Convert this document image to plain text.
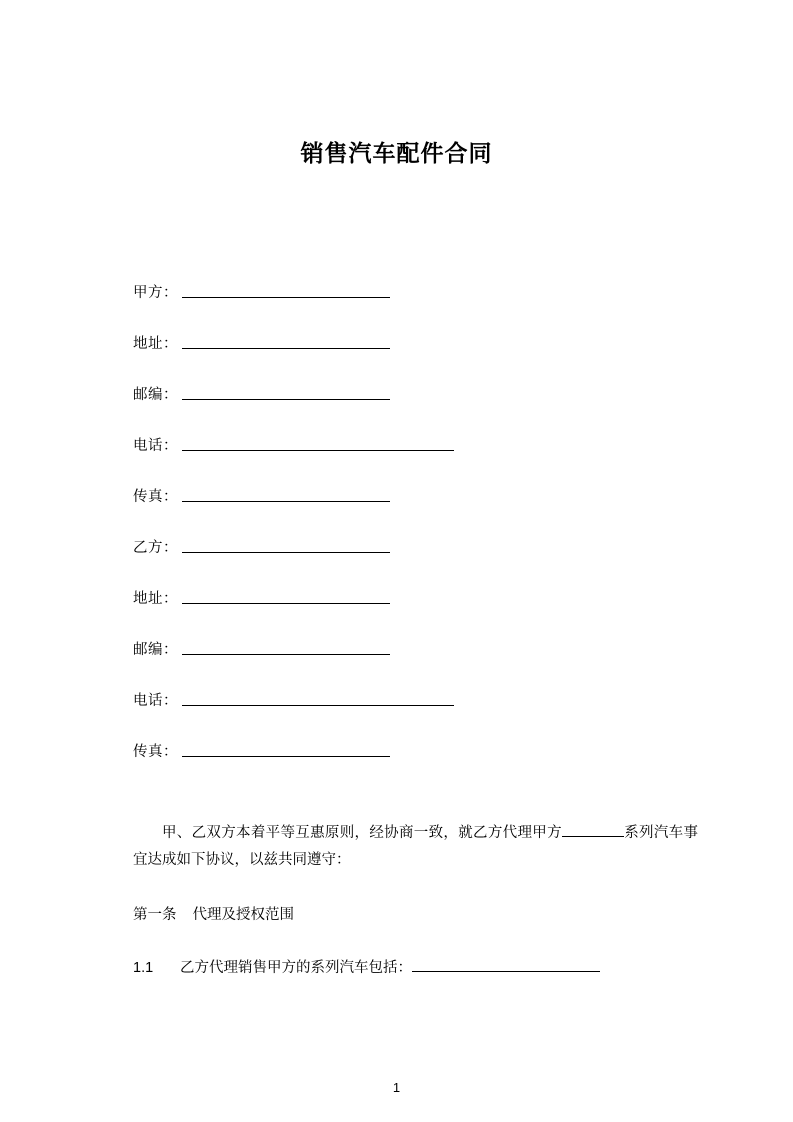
销售汽车配件合同
甲方：
地址：
邮编：
电话：
传真：
乙方：
地址：
邮编：
电话：
传真：
甲、乙双方本着平等互惠原则，经协商一致，就乙方代理甲方	系列汽车事宜达成如下协议，以兹共同遵守：
第一条 代理及授权范围
1.1 乙方代理销售甲方的系列汽车包括：
1
